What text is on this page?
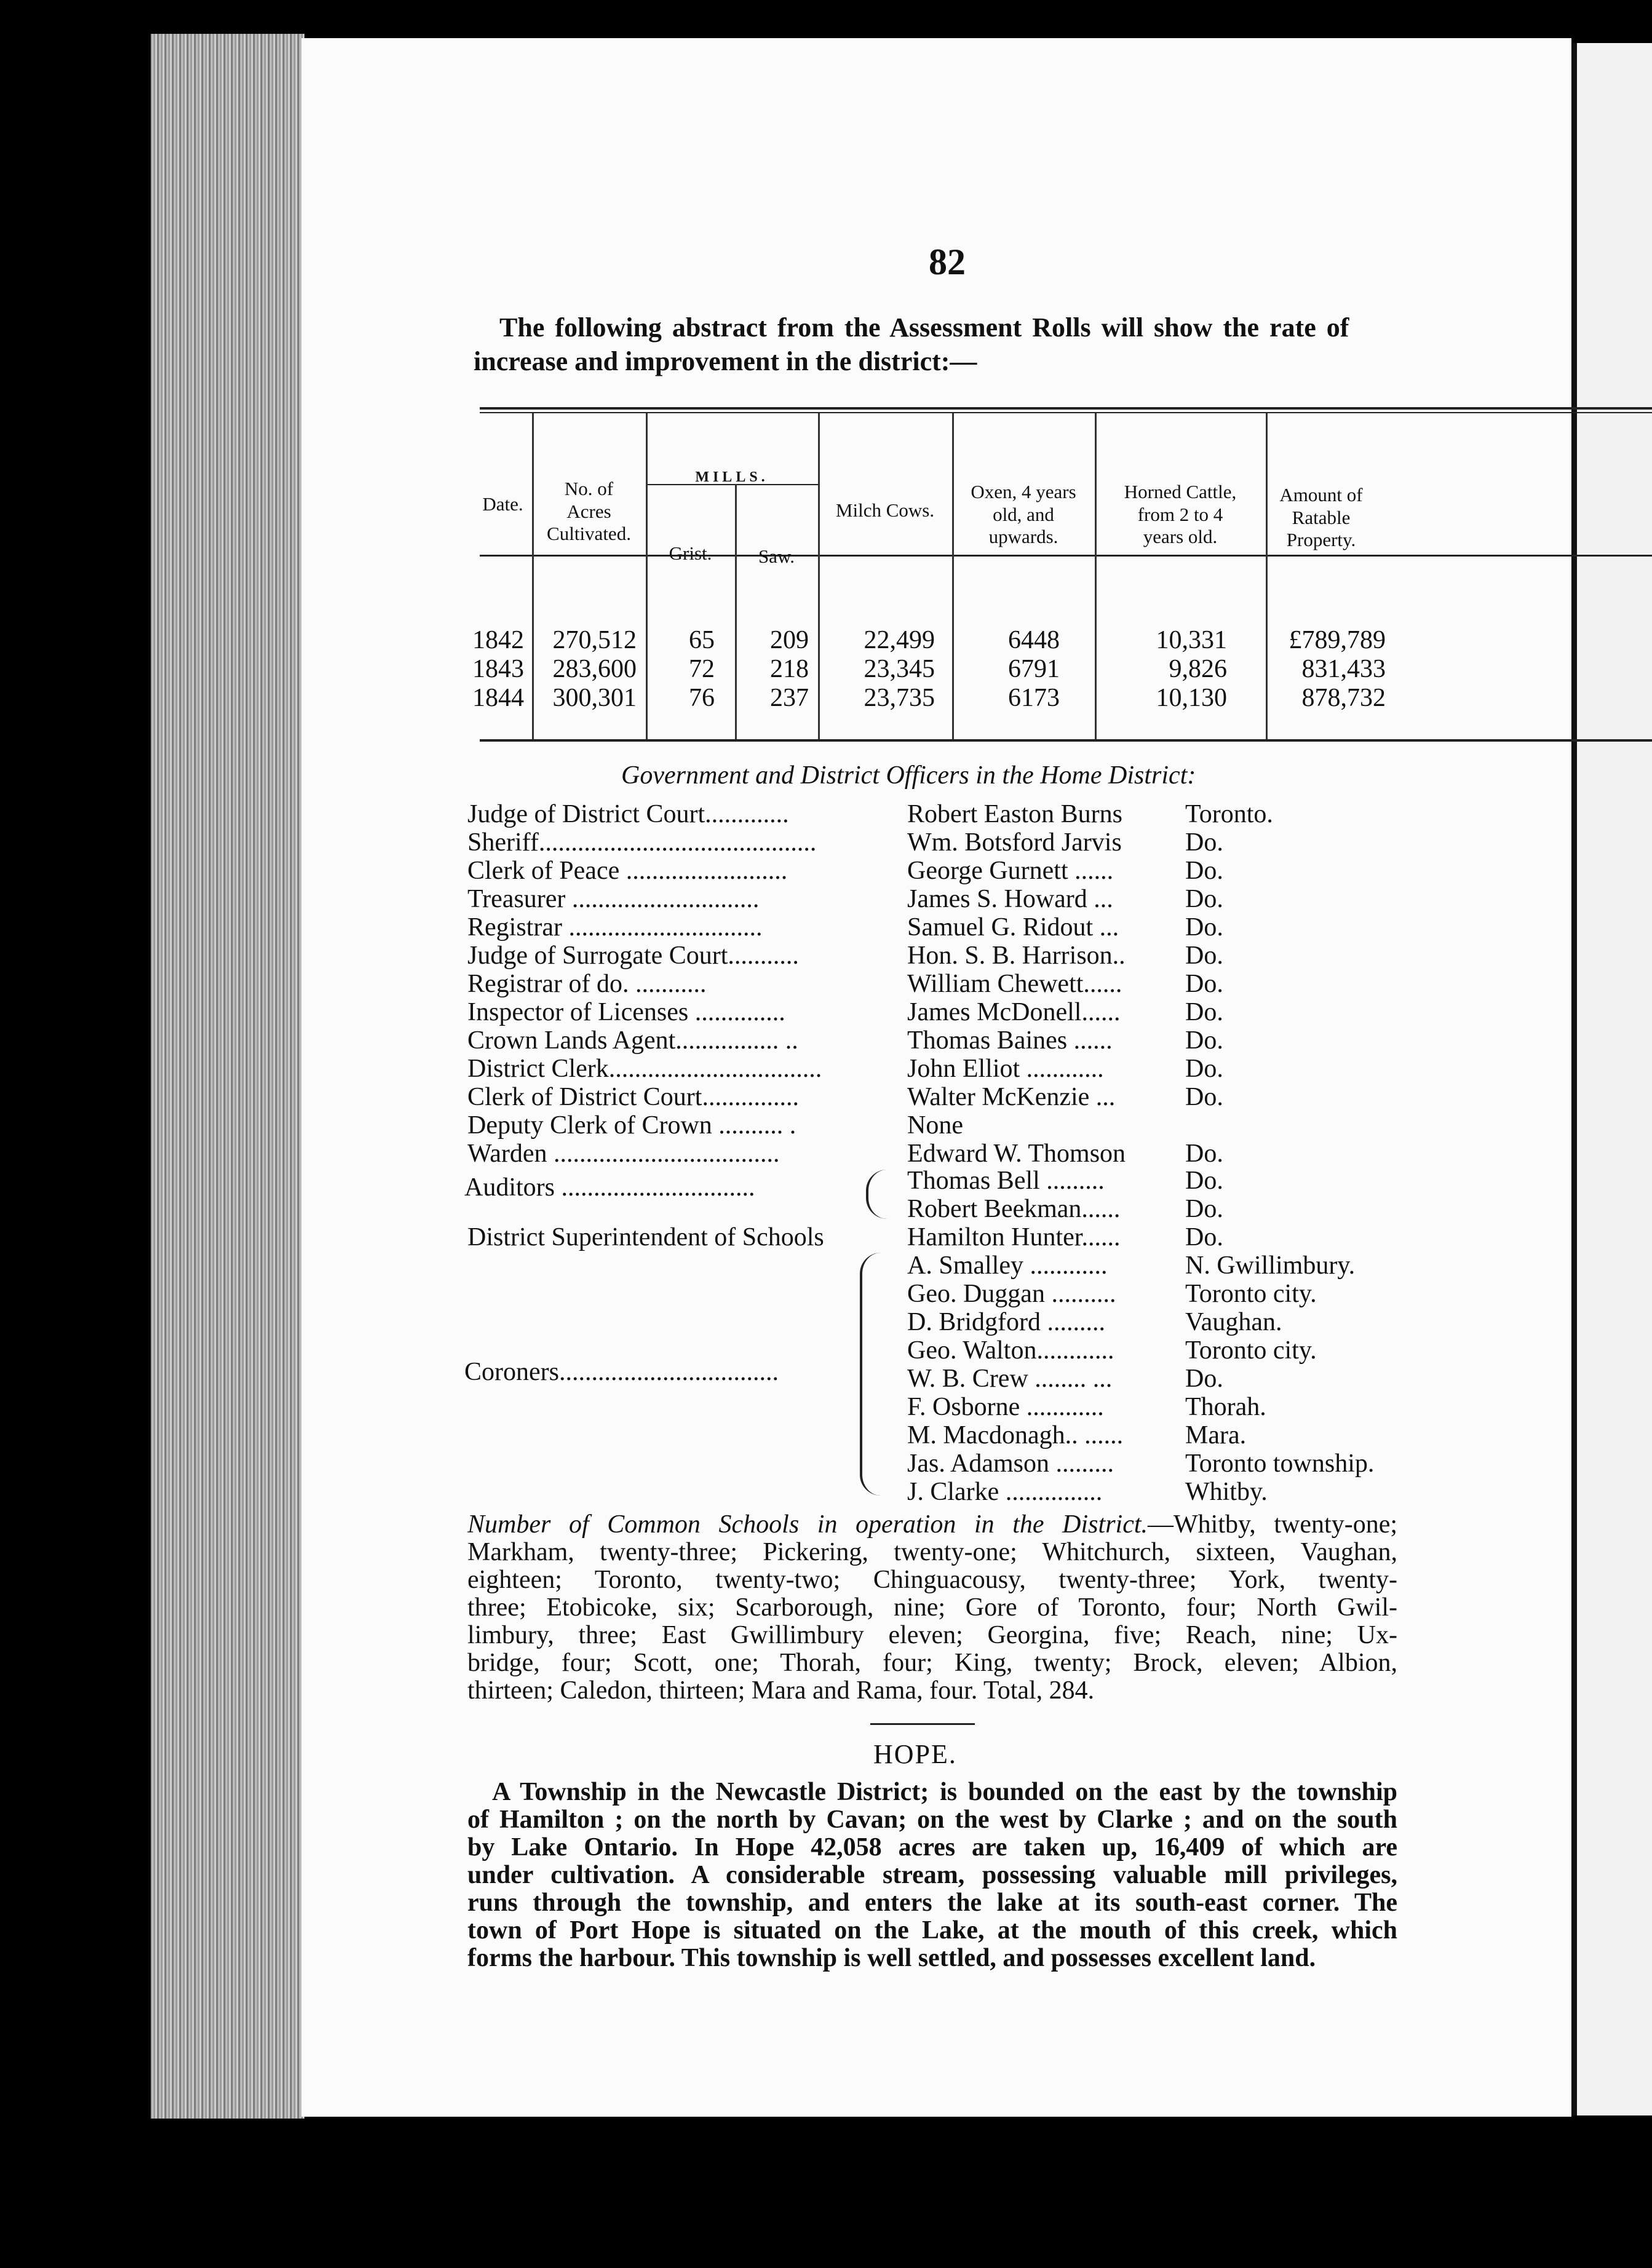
82
The following abstract from the Assessment Rolls will show the rate of
increase and improvement in the district:—
Date.
No. of
Acres
Cultivated.
MILLS.
Grist.	Saw.
Milch Cows.
Oxen, 4 years
old, and
upwards.
Horned Cattle,
from 2 to 4
years old.
Amount of
Ratable
Property.
1842	270,512	65	209	22,499	6448	10,331	£789,789
1843	283,600	72	218	23,345	6791	9,826	831,433
1844	300,301	76	237	23,735	6173	10,130	878,732
Government and District Officers in the Home District:
Judge of District Court.............	Robert Easton Burns	Toronto.
Sheriff...........................................	Wm. Botsford Jarvis	Do.
Clerk of Peace .........................	George Gurnett ......	Do.
Treasurer .............................	James S. Howard ...	Do.
Registrar ..............................	Samuel G. Ridout ...	Do.
Judge of Surrogate Court...........	Hon. S. B. Harrison..	Do.
Registrar of do. ...........	William Chewett......	Do.
Inspector of Licenses ..............	James McDonell......	Do.
Crown Lands Agent................ ..	Thomas Baines ......	Do.
District Clerk.................................	John Elliot ............	Do.
Clerk of District Court...............	Walter McKenzie ...	Do.
Deputy Clerk of Crown .......... .	None
Warden ...................................	Edward W. Thomson	Do.
Auditors ..............................	Thomas Bell .........	Do.
Robert Beekman......	Do.
District Superintendent of Schools	Hamilton Hunter......	Do.
Coroners..................................
A. Smalley ............	N. Gwillimbury.
Geo. Duggan ..........	Toronto city.
D. Bridgford .........	Vaughan.
Geo. Walton............	Toronto city.
W. B. Crew ........ ...	Do.
F. Osborne ............	Thorah.
M. Macdonagh.. ......	Mara.
Jas. Adamson .........	Toronto township.
J. Clarke ...............	Whitby.
Number of Common Schools in operation in the District.—Whitby, twenty-one;
Markham, twenty-three; Pickering, twenty-one; Whitchurch, sixteen, Vaughan,
eighteen; Toronto, twenty-two; Chinguacousy, twenty-three; York, twenty-
three; Etobicoke, six; Scarborough, nine; Gore of Toronto, four; North Gwil-
limbury, three; East Gwillimbury eleven; Georgina, five; Reach, nine; Ux-
bridge, four; Scott, one; Thorah, four; King, twenty; Brock, eleven; Albion,
thirteen; Caledon, thirteen; Mara and Rama, four. Total, 284.
HOPE.
A Township in the Newcastle District; is bounded on the east by the township
of Hamilton ; on the north by Cavan; on the west by Clarke ; and on the south
by Lake Ontario. In Hope 42,058 acres are taken up, 16,409 of which are
under cultivation. A considerable stream, possessing valuable mill privileges,
runs through the township, and enters the lake at its south-east corner. The
town of Port Hope is situated on the Lake, at the mouth of this creek, which
forms the harbour. This township is well settled, and possesses excellent land.
